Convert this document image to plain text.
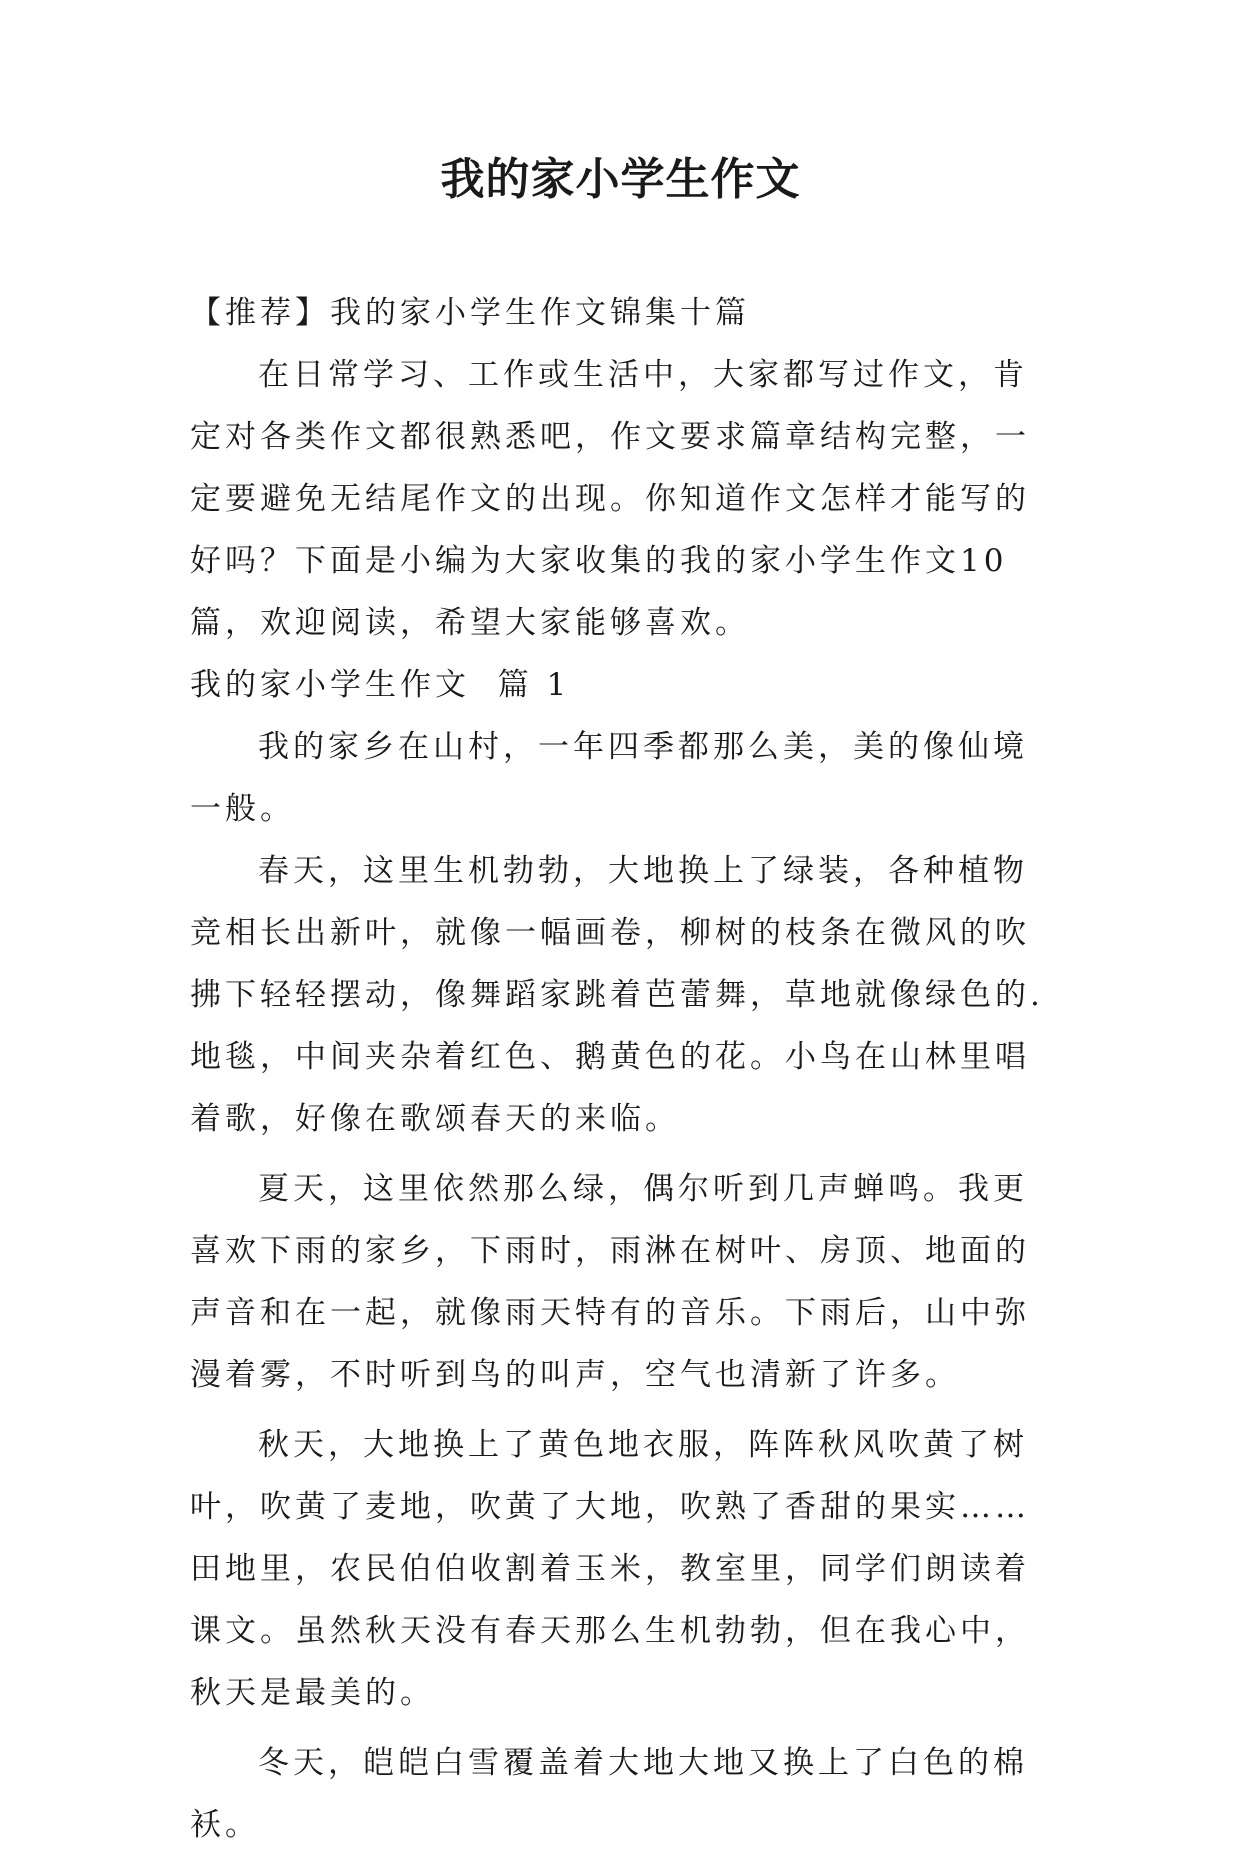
我的家小学生作文

【推荐】我的家小学生作文锦集十篇

在日常学习、工作或生活中，大家都写过作文，肯定对各类作文都很熟悉吧，作文要求篇章结构完整，一定要避免无结尾作文的出现。你知道作文怎样才能写的好吗？下面是小编为大家收集的我的家小学生作文10篇，欢迎阅读，希望大家能够喜欢。

我的家小学生作文  篇 1

我的家乡在山村，一年四季都那么美，美的像仙境一般。

春天，这里生机勃勃，大地换上了绿装，各种植物竞相长出新叶，就像一幅画卷，柳树的枝条在微风的吹拂下轻轻摆动，像舞蹈家跳着芭蕾舞，草地就像绿色的.地毯，中间夹杂着红色、鹅黄色的花。小鸟在山林里唱着歌，好像在歌颂春天的来临。

夏天，这里依然那么绿，偶尔听到几声蝉鸣。我更喜欢下雨的家乡，下雨时，雨淋在树叶、房顶、地面的声音和在一起，就像雨天特有的音乐。下雨后，山中弥漫着雾，不时听到鸟的叫声，空气也清新了许多。

秋天，大地换上了黄色地衣服，阵阵秋风吹黄了树叶，吹黄了麦地，吹黄了大地，吹熟了香甜的果实……田地里，农民伯伯收割着玉米，教室里，同学们朗读着课文。虽然秋天没有春天那么生机勃勃，但在我心中，秋天是最美的。

冬天，皑皑白雪覆盖着大地大地又换上了白色的棉袄。
